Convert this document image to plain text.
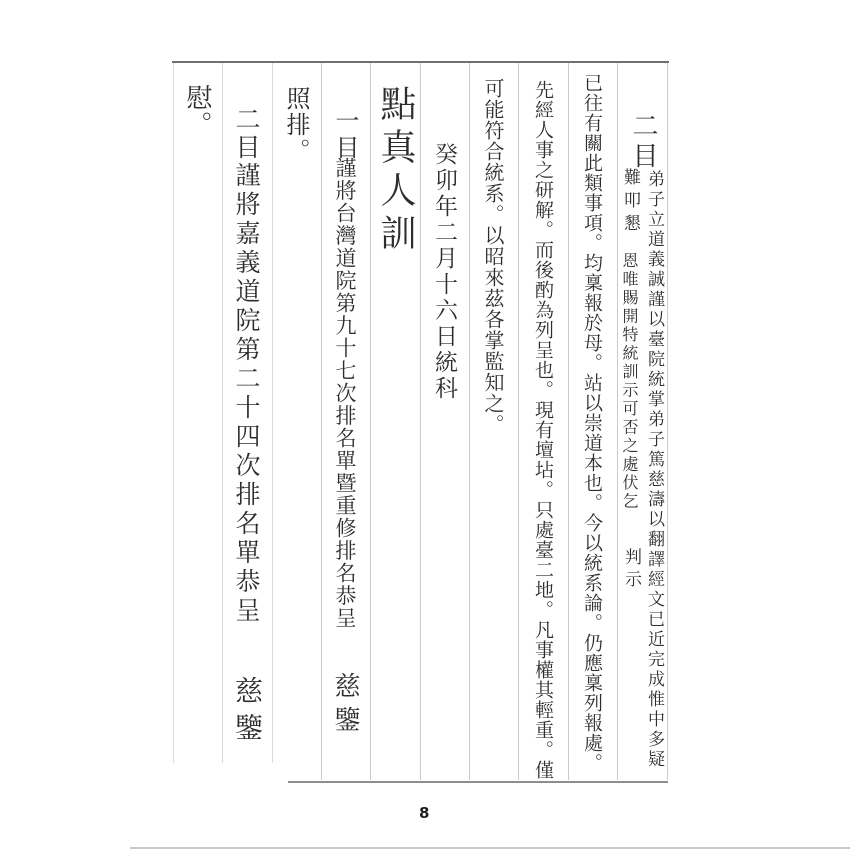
二目
弟子立道義誠謹以臺院統掌弟子篤慈濤以翻譯經文已近完成惟中多疑
難叩懇
恩唯賜開特統訓示可否之處伏乞
判示
已往有關此類事項。均稟報於母。站以崇道本也。今以統系論。仍應稟列報處。
先經人事之研解。而後酌為列呈也。現有壇坫。只處臺二地。凡事權其輕重。僅
可能符合統系。以昭來茲各掌監知之。
癸卯年二月十六日統科
點真人訓
一目
謹將台灣道院第九十七次排名單暨重修排名恭呈
慈鑒
照排。
二目
謹將嘉義道院第二十四次排名單恭呈
慈鑒
慰。
8
